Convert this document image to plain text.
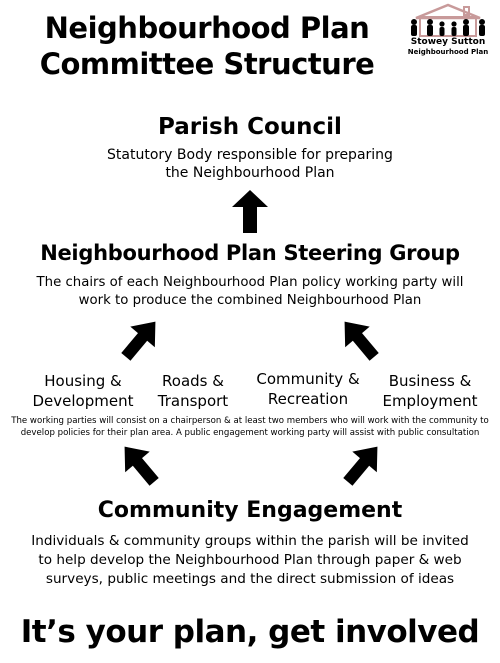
Neighbourhood Plan
Committee Structure
Stowey Sutton
Neighbourhood Plan
Parish Council
Statutory Body responsible for preparing
the Neighbourhood Plan
Neighbourhood Plan Steering Group
The chairs of each Neighbourhood Plan policy working party will
work to produce the combined Neighbourhood Plan
Housing &
Development
Roads &
Transport
Community &
Recreation
Business &
Employment
The working parties will consist on a chairperson & at least two members who will work with the community to
develop policies for their plan area. A public engagement working party will assist with public consultation
Community Engagement
Individuals & community groups within the parish will be invited
to help develop the Neighbourhood Plan through paper & web
surveys, public meetings and the direct submission of ideas
It’s your plan, get involved
